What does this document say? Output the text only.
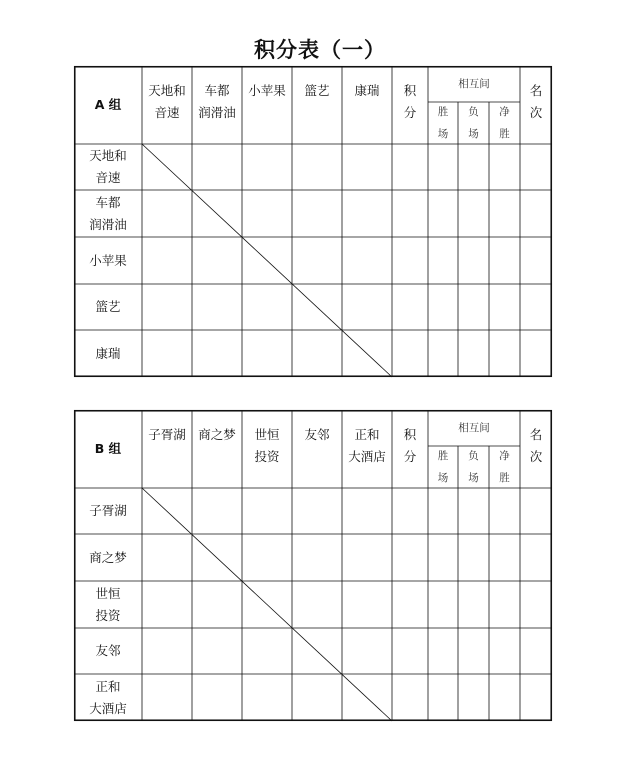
积分表（一）
A 组
天地和
音速
车都
润滑油
小苹果 篮艺 康瑞 积
分
相互间
胜
场
负
场
净
胜
名
次
天地和
音速
车都
润滑油
小苹果
篮艺
康瑞
B 组
子胥湖 商之梦 世恒
投资
友邻 正和
大酒店
积
分
相互间
胜
场
负
场
净
胜
名
次
子胥湖
商之梦
世恒
投资
友邻
正和
大酒店
